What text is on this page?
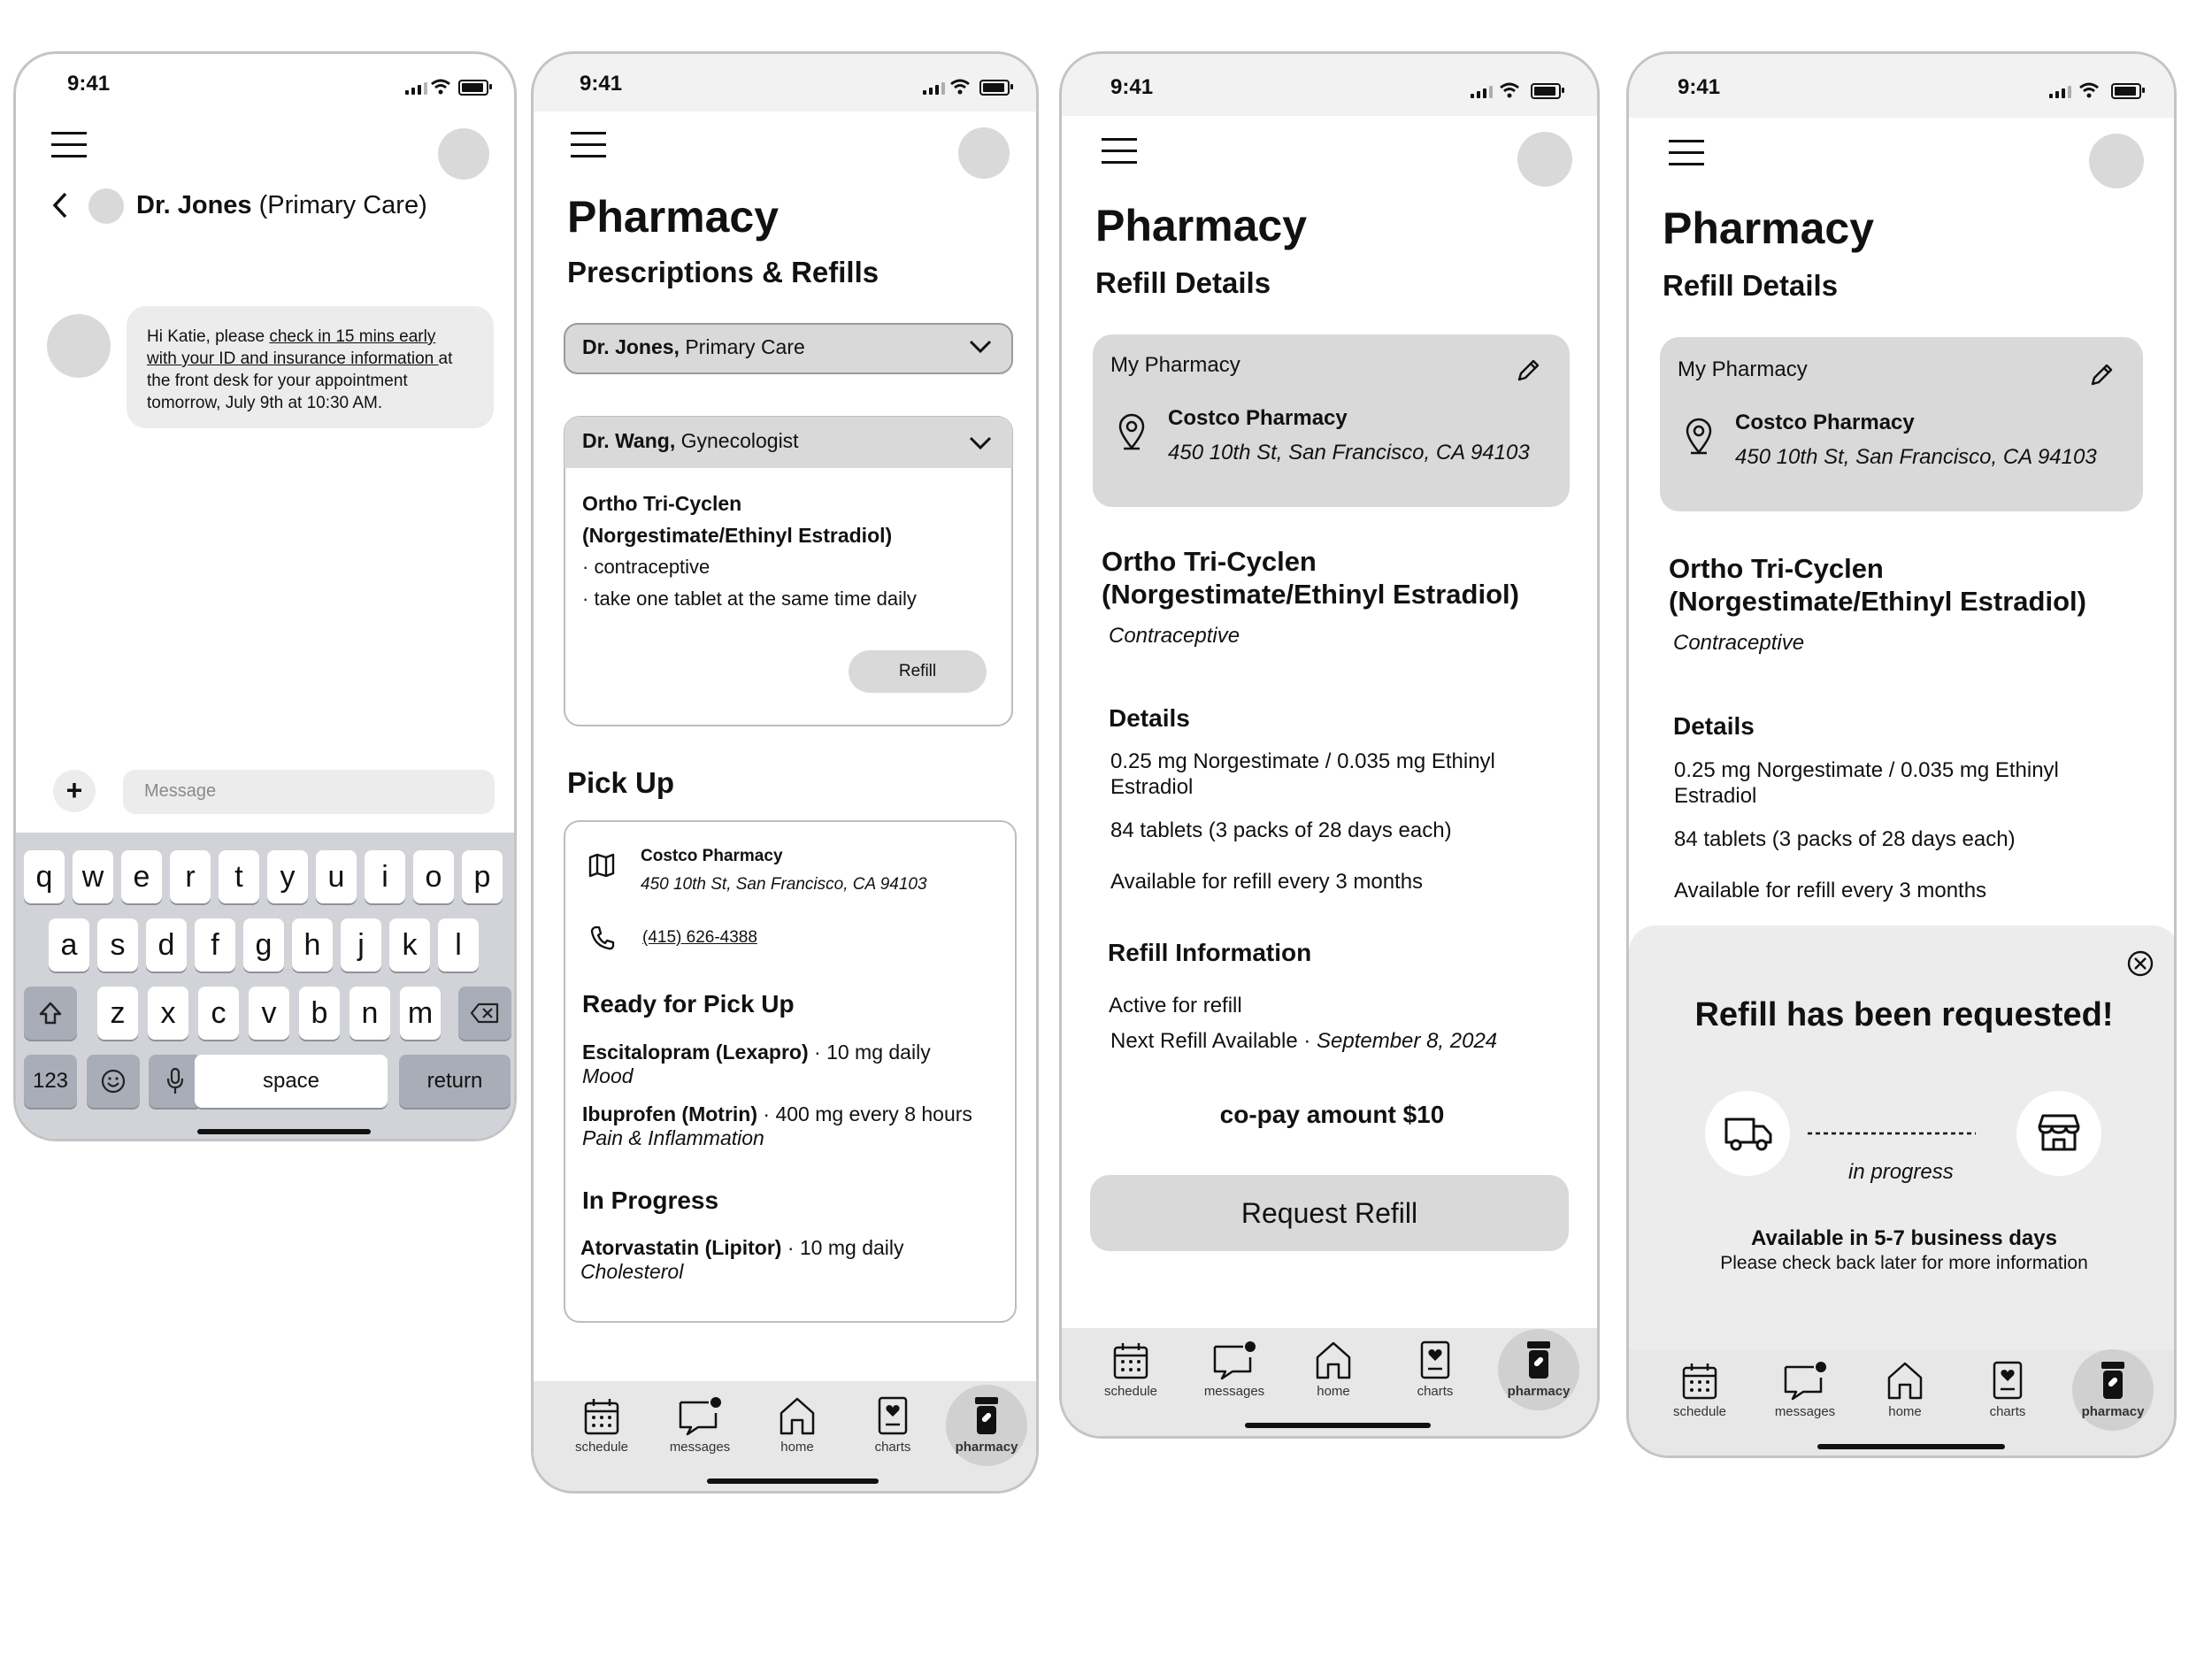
9:41
Dr. Jones (Primary Care)
Hi Katie, please check in 15 mins early
with your ID and insurance information at
the front desk for your appointment
tomorrow, July 9th at 10:30 AM.
+	Message
q w e	r	t	y	u	i	o	p
a	s	d	f	g	h	j	k	l
z	x	c	v	b	n m
123	space	return
9:41
Pharmacy
Prescriptions & Refills
Dr. Jones, Primary Care
Dr. Wang, Gynecologist
Ortho Tri-Cyclen
(Norgestimate/Ethinyl Estradiol)
· contraceptive
· take one tablet at the same time daily
Refill
Pick Up
Costco Pharmacy
450 10th St, San Francisco, CA 94103
(415) 626-4388
Ready for Pick Up
Escitalopram (Lexapro) · 10 mg daily
Mood
Ibuprofen (Motrin) · 400 mg every 8 hours
Pain & Inflammation
In Progress
Atorvastatin (Lipitor) · 10 mg daily
Cholesterol
schedule	messages	home	charts	pharmacy
9:41
Pharmacy
Refill Details
My Pharmacy
Costco Pharmacy
450 10th St, San Francisco, CA 94103
Ortho Tri-Cyclen
(Norgestimate/Ethinyl Estradiol)
Contraceptive
Details
0.25 mg Norgestimate / 0.035 mg Ethinyl
Estradiol
84 tablets (3 packs of 28 days each)
Available for refill every 3 months
Refill Information
Active for refill
Next Refill Available · September 8, 2024
co-pay amount $10
Request Refill
schedule	messages	home	charts	pharmacy
9:41
Pharmacy
Refill Details
My Pharmacy
Costco Pharmacy
450 10th St, San Francisco, CA 94103
Ortho Tri-Cyclen
(Norgestimate/Ethinyl Estradiol)
Contraceptive
Details
0.25 mg Norgestimate / 0.035 mg Ethinyl
Estradiol
84 tablets (3 packs of 28 days each)
Available for refill every 3 months
Refill has been requested!
in progress
Available in 5-7 business days
Please check back later for more information
schedule	messages	home	charts	pharmacy
